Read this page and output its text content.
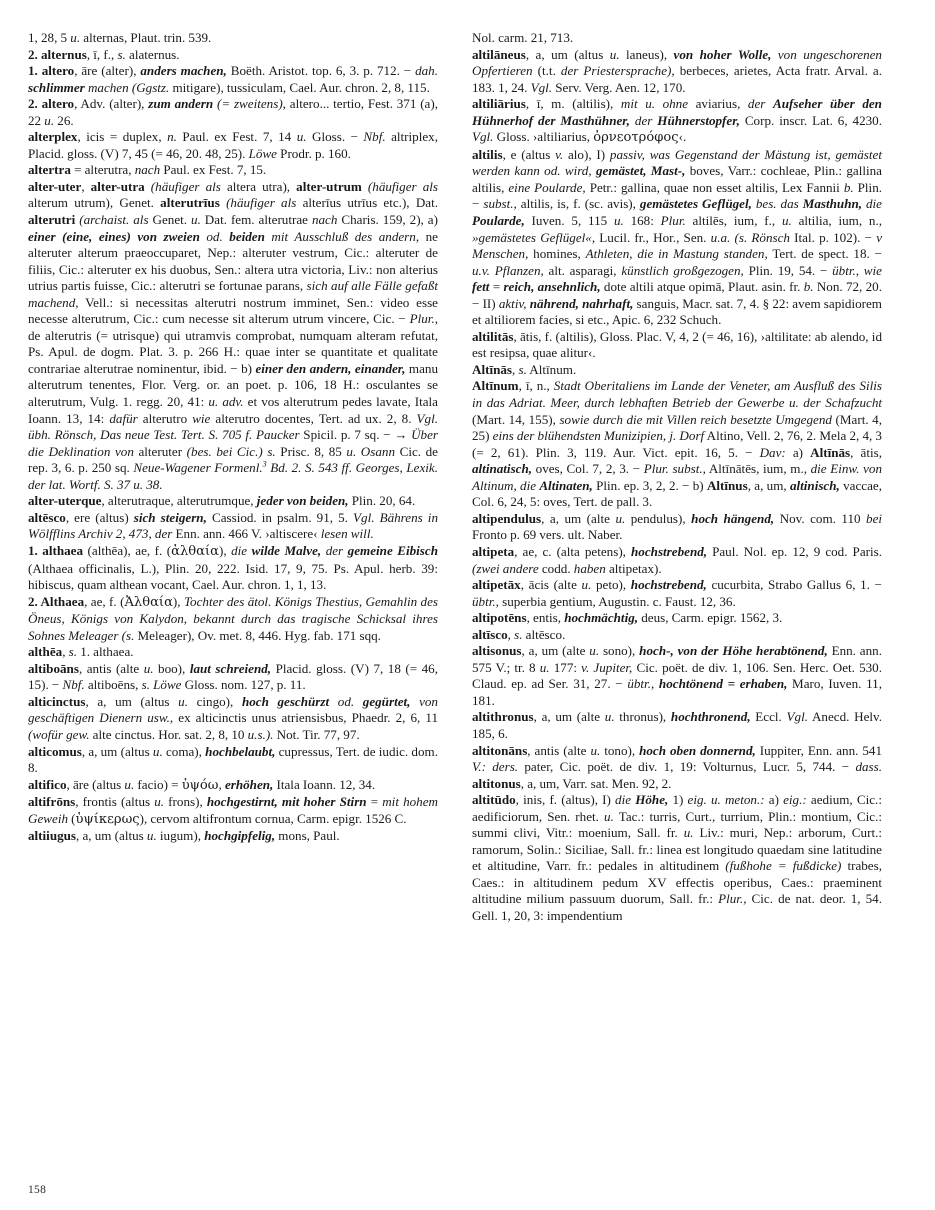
1, 28, 5 u. alternas, Plaut. trin. 539.

2. alternus, ī, f., s. alaternus.

1. altero, āre (alter), anders machen, Boëth. Aristot. top. 6, 3. p. 712. − dah. schlimmer machen (Ggstz. mitigare), tussiculam, Cael. Aur. chron. 2, 8, 115.

2. altero, Adv. (alter), zum andern (= zweitens), altero... tertio, Fest. 371 (a), 22 u. 26.

alterplex, icis = duplex, n. Paul. ex Fest. 7, 14 u. Gloss. − Nbf. altriplex, Placid. gloss. (V) 7, 45 (= 46, 20. 48, 25). Löwe Prodr. p. 160.

altertra = alterutra, nach Paul. ex Fest. 7, 15.

alter-uter, alter-utra (häufiger als altera utra), alter-utrum (häufiger als alterum utrum), Genet. alterutrīus (häufiger als alterīus utrīus etc.), Dat. alterutri (archaist. als Genet. u. Dat. fem. alterutrae nach Charis. 159, 2), a) einer (eine, eines) von zweien od. beiden mit Ausschluß des andern, ne alteruter alterum praeoccuparet, Nep.: alteruter vestrum, Cic.: alteruter de filiis, Cic.: alteruter ex his duobus, Sen.: altera utra victoria, Liv.: non alterius utrius partis fuisse, Cic.: alterutri se fortunae parans, sich auf alle Fälle gefaßt machend, Vell.: si necessitas alterutri nostrum imminet, Sen.: video esse necesse alterutrum, Cic.: cum necesse sit alterum utrum vincere, Cic. − Plur., de alterutris (= utrisque) qui utramvis comprobat, numquam alteram refutat, Ps. Apul. de dogm. Plat. 3. p. 266 H.: quae inter se quantitate et qualitate contrariae alterutrae nominentur, ibid. − b) einer den andern, einander, manu alterutrum tenentes, Flor. Verg. or. an poet. p. 106, 18 H.: osculantes se alterutrum, Vulg. 1. regg. 20, 41: u. adv. et vos alterutrum pedes lavate, Itala Ioann. 13, 14: dafür alterutro wie alterutro docentes, Tert. ad ux. 2, 8. Vgl. übh. Rönsch, Das neue Test. Tert. S. 705 f. Paucker Spicil. p. 7 sq. − → Über die Deklination von alteruter (bes. bei Cic.) s. Prisc. 8, 85 u. Osann Cic. de rep. 3, 6. p. 250 sq. Neue-Wagener Formenl.$^3$ Bd. 2. S. 543 ff. Georges, Lexik. der lat. Wortf. S. 37 u. 38.

alter-uterque, alterutraque, alterutrumque, jeder von beiden, Plin. 20, 64.

altēsco, ere (altus) sich steigern, Cassiod. in psalm. 91, 5. Vgl. Bährens in Wölfflins Archiv 2, 473, der Enn. ann. 466 V. ›altiscere‹ lesen will.

1. althaea (althēa), ae, f. (ἀλθαία), die wilde Malve, der gemeine Eibisch (Althaea officinalis, L.), Plin. 20, 222. Isid. 17, 9, 75. Ps. Apul. herb. 39: hibiscus, quam althean vocant, Cael. Aur. chron. 1, 1, 13.

2. Althaea, ae, f. (Ἀλθαία), Tochter des ätol. Königs Thestius, Gemahlin des Öneus, Königs von Kalydon, bekannt durch das tragische Schicksal ihres Sohnes Meleager (s. Meleager), Ov. met. 8, 446. Hyg. fab. 171 sqq.

althēa, s. 1. althaea.

altiboāns, antis (alte u. boo), laut schreiend, Placid. gloss. (V) 7, 18 (= 46, 15). − Nbf. altiboēns, s. Löwe Gloss. nom. 127, p. 11.

alticinctus, a, um (altus u. cingo), hoch geschürzt od. gegürtet, von geschäftigen Dienern usw., ex alticinctis unus atriensisbus, Phaedr. 2, 6, 11 (wofür gew. alte cinctus. Hor. sat. 2, 8, 10 u.s.). Not. Tir. 77, 97.

alticomus, a, um (altus u. coma), hochbelaubt, cupressus, Tert. de iudic. dom. 8.

altifico, āre (altus u. facio) = ὑψόω, erhöhen, Itala Ioann. 12, 34.

altifrōns, frontis (altus u. frons), hochgestirnt, mit hoher Stirn = mit hohem Geweih (ὑψίκερως), cervom altifrontum cornua, Carm. epigr. 1526 C.

altiiugus, a, um (altus u. iugum), hochgipfelig, mons, Paul.

Nol. carm. 21, 713.

altilāneus, a, um (altus u. laneus), von hoher Wolle, von ungeschorenen Opfertieren (t.t. der Priestersprache), berbeces, arietes, Acta fratr. Arval. a. 183. 1, 24. Vgl. Serv. Verg. Aen. 12, 170.

altiliārius, ī, m. (altilis), mit u. ohne aviarius, der Aufseher über den Hühnerhof der Masthühner, der Hühnerstopfer, Corp. inscr. Lat. 6, 4230. Vgl. Gloss. ›altiliarius, ὀρνεοτρόφος‹.

altilis, e (altus v. alo), I) passiv, was Gegenstand der Mästung ist, gemästet werden kann od. wird, gemästet, Mast-, boves, Varr.: cochleae, Plin.: gallina altilis, eine Poularde, Petr.: gallina, quae non esset altilis, Lex Fannii b. Plin. − subst., altilis, is, f. (sc. avis), gemästetes Geflügel, bes. das Masthuhn, die Poularde, Iuven. 5, 115 u. 168: Plur. altilēs, ium, f., u. altilia, ium, n., »gemästetes Geflügel«, Lucil. fr., Hor., Sen. u.a. (s. Rönsch Ital. p. 102). − v Menschen, homines, Athleten, die in Mastung standen, Tert. de spect. 18. − u.v. Pflanzen, alt. asparagi, künstlich großgezogen, Plin. 19, 54. − übtr., wie fett = reich, ansehnlich, dote altili atque opimā, Plaut. asin. fr. b. Non. 72, 20. − II) aktiv, nährend, nahrhaft, sanguis, Macr. sat. 7, 4. § 22: avem sapidiorem et altiliorem facies, si etc., Apic. 6, 232 Schuch.

altilitās, ātis, f. (altilis), Gloss. Plac. V, 4, 2 (= 46, 16), ›altilitate: ab alendo, id est resipsa, quae alitur‹.

Altīnās, s. Altīnum.

Altīnum, ī, n., Stadt Oberitaliens im Lande der Veneter, am Ausfluß des Silis in das Adriat. Meer, durch lebhaften Betrieb der Gewerbe u. der Schafzucht (Mart. 14, 155), sowie durch die mit Villen reich besetzte Umgegend (Mart. 4, 25) eins der blühendsten Munizipien, j. Dorf Altino, Vell. 2, 76, 2. Mela 2, 4, 3 (= 2, 61). Plin. 3, 119. Aur. Vict. epit. 16, 5. − Dav: a) Altīnās, ātis, altinatisch, oves, Col. 7, 2, 3. − Plur. subst., Altīnātēs, ium, m., die Einw. von Altinum, die Altinaten, Plin. ep. 3, 2, 2. − b) Altīnus, a, um, altinisch, vaccae, Col. 6, 24, 5: oves, Tert. de pall. 3.

altipendulus, a, um (alte u. pendulus), hoch hängend, Nov. com. 110 bei Fronto p. 69 vers. ult. Naber.

altipeta, ae, c. (alta petens), hochstrebend, Paul. Nol. ep. 12, 9 cod. Paris. (zwei andere codd. haben altipetax).

altipetāx, ācis (alte u. peto), hochstrebend, cucurbita, Strabo Gallus 6, 1. − übtr., superbia gentium, Augustin. c. Faust. 12, 36.

altipotēns, entis, hochmächtig, deus, Carm. epigr. 1562, 3.

altīsco, s. altēsco.

altisonus, a, um (alte u. sono), hoch-, von der Höhe herabtönend, Enn. ann. 575 V.; tr. 8 u. 177: v. Jupiter, Cic. poët. de div. 1, 106. Sen. Herc. Oet. 530. Claud. ep. ad Ser. 31, 27. − übtr., hochtönend = erhaben, Maro, Iuven. 11, 181.

altithronus, a, um (alte u. thronus), hochthronend, Eccl. Vgl. Anecd. Helv. 185, 6.

altitonāns, antis (alte u. tono), hoch oben donnernd, Iuppiter, Enn. ann. 541 V.: ders. pater, Cic. poët. de div. 1, 19: Volturnus, Lucr. 5, 744. − dass. altitonus, a, um, Varr. sat. Men. 92, 2.

altitūdo, inis, f. (altus), I) die Höhe, 1) eig. u. meton.: a) eig.: aedium, Cic.: aedificiorum, Sen. rhet. u. Tac.: turris, Curt., turrium, Plin.: montium, Cic.: summi clivi, Vitr.: moenium, Sall. fr. u. Liv.: muri, Nep.: arborum, Curt.: ramorum, Solin.: Siciliae, Sall. fr.: linea est longitudo quaedam sine latitudine et altitudine, Varr. fr.: pedales in altitudinem (fußhohe = fußdicke) trabes, Caes.: in altitudinem pedum XV effectis operibus, Caes.: praeminent altitudine milium passuum duorum, Sall. fr.: Plur., Cic. de nat. deor. 1, 54. Gell. 1, 20, 3: impendentium

158
